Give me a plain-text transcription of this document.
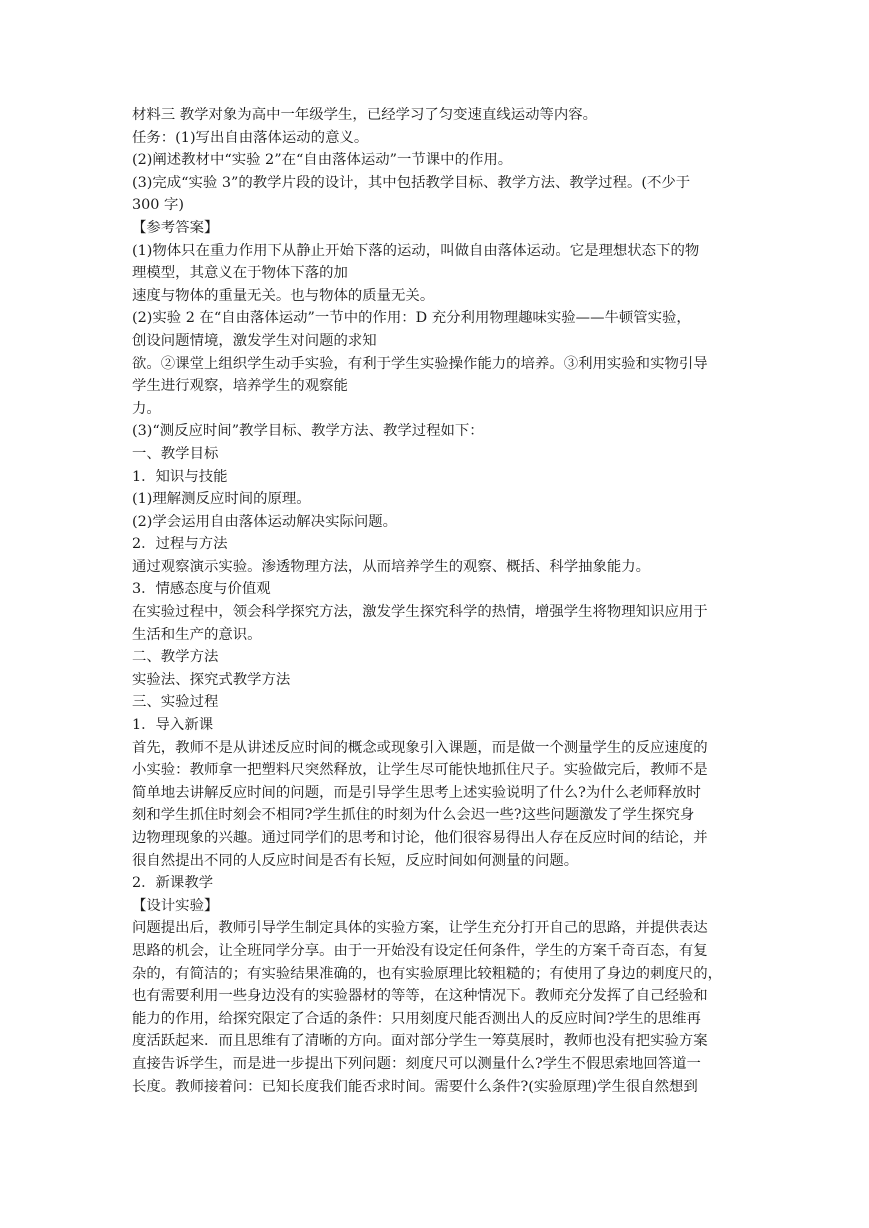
材料三 教学对象为高中一年级学生，已经学习了匀变速直线运动等内容。
任务：(1)写出自由落体运动的意义。
(2)阐述教材中“实验 2”在“自由落体运动”一节课中的作用。
(3)完成“实验 3”的教学片段的设计，其中包括教学目标、教学方法、教学过程。(不少于
300 字)
【参考答案】
(1)物体只在重力作用下从静止开始下落的运动，叫做自由落体运动。它是理想状态下的物
理模型，其意义在于物体下落的加
速度与物体的重量无关。也与物体的质量无关。
(2)实验 2 在“自由落体运动”一节中的作用：D 充分利用物理趣味实验——牛顿管实验，
创设问题情境，激发学生对问题的求知
欲。②课堂上组织学生动手实验，有利于学生实验操作能力的培养。③利用实验和实物引导
学生进行观察，培养学生的观察能
力。
(3)“测反应时间”教学目标、教学方法、教学过程如下：
一、教学目标
1．知识与技能
(1)理解测反应时间的原理。
(2)学会运用自由落体运动解决实际问题。
2．过程与方法
通过观察演示实验。渗透物理方法，从而培养学生的观察、概括、科学抽象能力。
3．情感态度与价值观
在实验过程中，领会科学探究方法，激发学生探究科学的热情，增强学生将物理知识应用于
生活和生产的意识。
二、教学方法
实验法、探究式教学方法
三、实验过程
1．导入新课
首先，教师不是从讲述反应时间的概念或现象引入课题，而是做一个测量学生的反应速度的
小实验：教师拿一把塑料尺突然释放，让学生尽可能快地抓住尺子。实验做完后，教师不是
简单地去讲解反应时间的问题，而是引导学生思考上述实验说明了什么?为什么老师释放时
刻和学生抓住时刻会不相同?学生抓住的时刻为什么会迟一些?这些问题激发了学生探究身
边物理现象的兴趣。通过同学们的思考和讨论，他们很容易得出人存在反应时间的结论，并
很自然提出不同的人反应时间是否有长短，反应时间如何测量的问题。
2．新课教学
【设计实验】
问题提出后，教师引导学生制定具体的实验方案，让学生充分打开自己的思路，并提供表达
思路的机会，让全班同学分享。由于一开始没有设定任何条件，学生的方案千奇百态，有复
杂的，有简洁的；有实验结果准确的，也有实验原理比较粗糙的；有使用了身边的刺度尺的，
也有需要利用一些身边没有的实验器材的等等，在这种情况下。教师充分发挥了自己经验和
能力的作用，给探究限定了合适的条件：只用刻度尺能否测出人的反应时间?学生的思维再
度活跃起来．而且思维有了清晰的方向。面对部分学生一筹莫展时，教师也没有把实验方案
直接告诉学生，而是进一步提出下列问题：刻度尺可以测量什么?学生不假思索地回答道一
长度。教师接着问：已知长度我们能否求时间。需要什么条件?(实验原理)学生很自然想到
